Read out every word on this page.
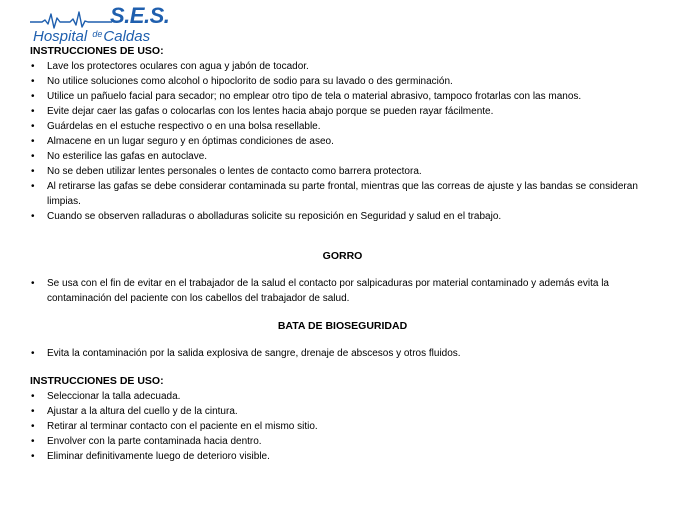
S.E.S.
Hospital $^{de}$Caldas
INSTRUCCIONES DE USO:
• Lave los protectores oculares con agua y jabón de tocador.
• No utilice soluciones como alcohol o hipoclorito de sodio para su lavado o des germinación.
• Utilice un pañuelo facial para secador; no emplear otro tipo de tela o material abrasivo, tampoco frotarlas con las manos.
• Evite dejar caer las gafas o colocarlas con los lentes hacia abajo porque se pueden rayar fácilmente.
• Guárdelas en el estuche respectivo o en una bolsa resellable.
• Almacene en un lugar seguro y en óptimas condiciones de aseo.
• No esterilice las gafas en autoclave.
• No se deben utilizar lentes personales o lentes de contacto como barrera protectora.
• Al retirarse las gafas se debe considerar contaminada su parte frontal, mientras que las correas de ajuste y las bandas se consideran limpias.
• Cuando se observen ralladuras o abolladuras solicite su reposición en Seguridad y salud en el trabajo.
GORRO
• Se usa con el fin de evitar en el trabajador de la salud el contacto por salpicaduras por material contaminado y además evita la contaminación del paciente con los cabellos del trabajador de salud.
BATA DE BIOSEGURIDAD
• Evita la contaminación por la salida explosiva de sangre, drenaje de abscesos y otros fluidos.
INSTRUCCIONES DE USO:
• Seleccionar la talla adecuada.
• Ajustar a la altura del cuello y de la cintura.
• Retirar al terminar contacto con el paciente en el mismo sitio.
• Envolver con la parte contaminada hacia dentro.
• Eliminar definitivamente luego de deterioro visible.
